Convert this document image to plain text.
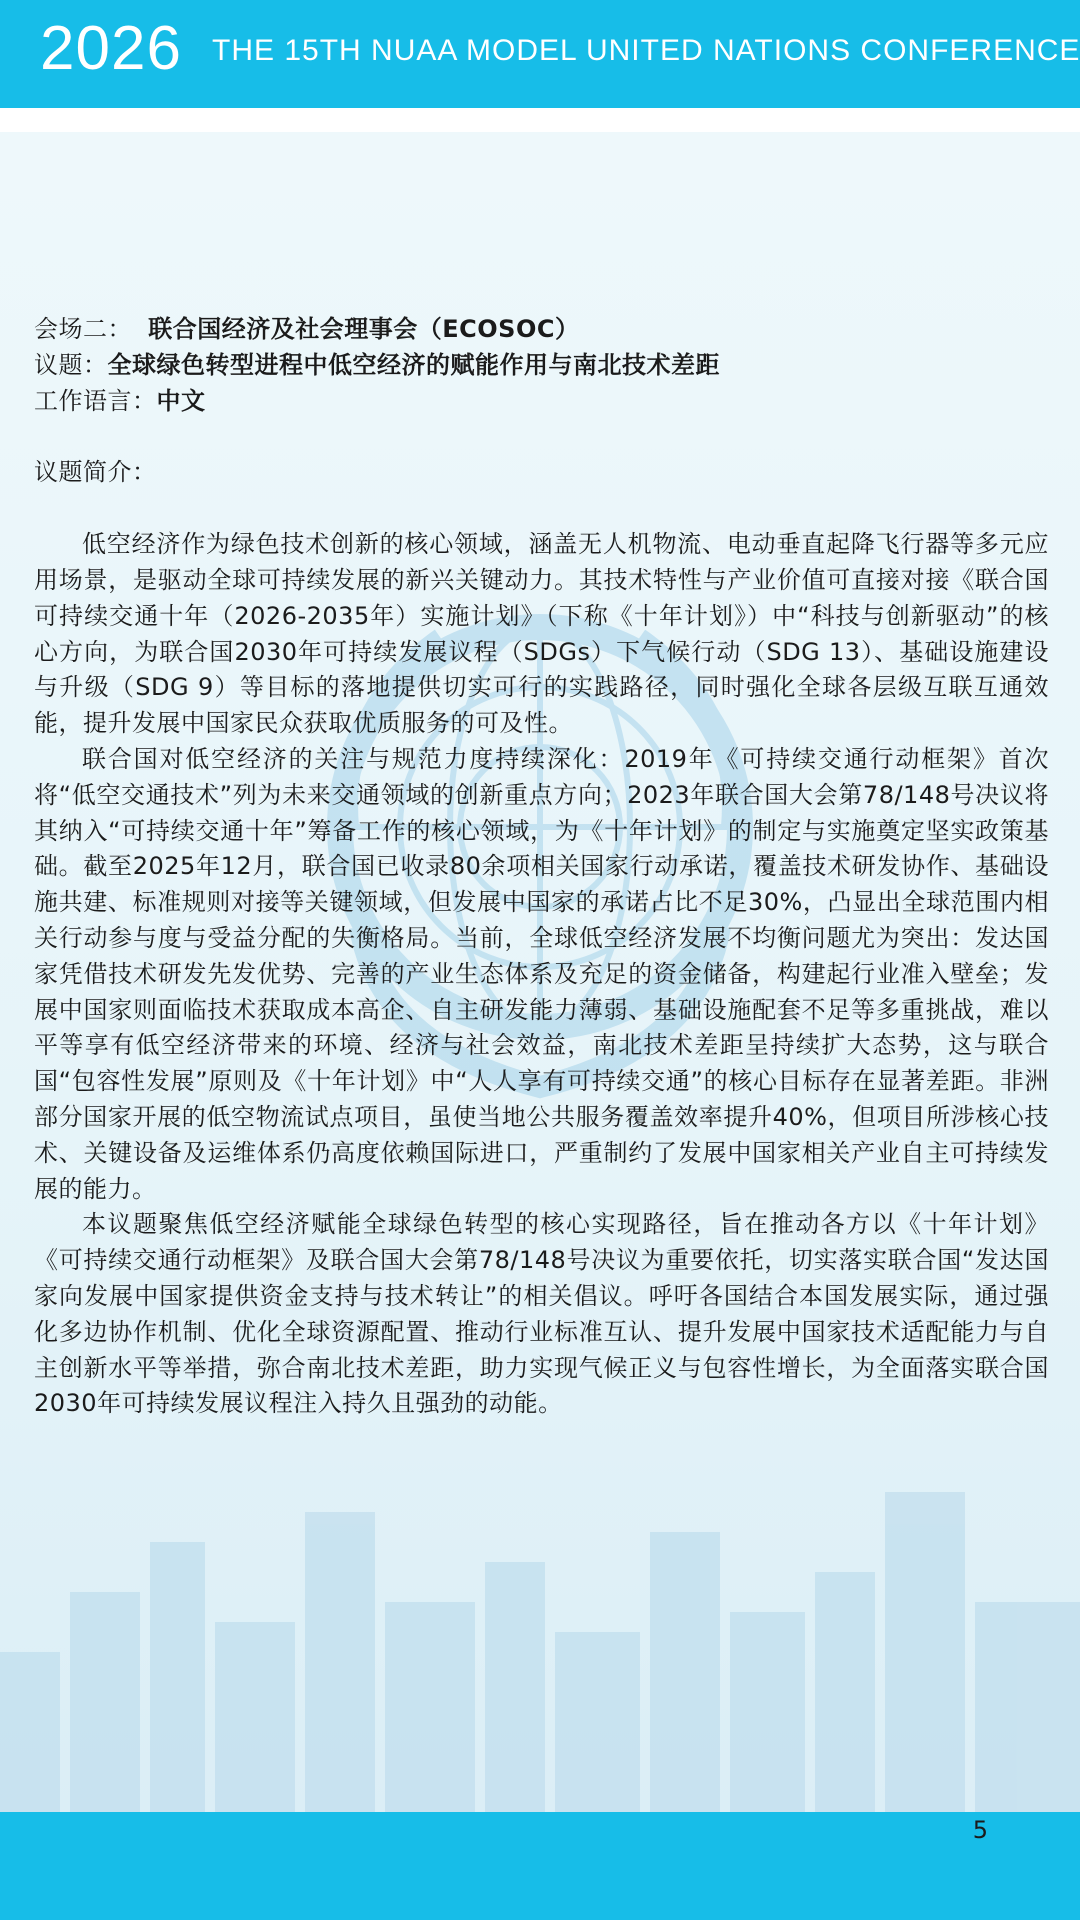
2026 THE 15TH NUAA MODEL UNITED NATIONS CONFERENCE
会场二： 联合国经济及社会理事会（ECOSOC）
议题：全球绿色转型进程中低空经济的赋能作用与南北技术差距
工作语言：中文
议题简介：
低空经济作为绿色技术创新的核心领域，涵盖无人机物流、电动垂直起降飞行器等多元应用场景，是驱动全球可持续发展的新兴关键动力。其技术特性与产业价值可直接对接《联合国可持续交通十年（2026-2035年）实施计划》（下称《十年计划》）中“科技与创新驱动”的核心方向，为联合国2030年可持续发展议程（SDGs）下气候行动（SDG 13）、基础设施建设与升级（SDG 9）等目标的落地提供切实可行的实践路径，同时强化全球各层级互联互通效能，提升发展中国家民众获取优质服务的可及性。
联合国对低空经济的关注与规范力度持续深化：2019年《可持续交通行动框架》首次将“低空交通技术”列为未来交通领域的创新重点方向；2023年联合国大会第78/148号决议将其纳入“可持续交通十年”筹备工作的核心领域，为《十年计划》的制定与实施奠定坚实政策基础。截至2025年12月，联合国已收录80余项相关国家行动承诺，覆盖技术研发协作、基础设施共建、标准规则对接等关键领域，但发展中国家的承诺占比不足30%，凸显出全球范围内相关行动参与度与受益分配的失衡格局。当前，全球低空经济发展不均衡问题尤为突出：发达国家凭借技术研发先发优势、完善的产业生态体系及充足的资金储备，构建起行业准入壁垒；发展中国家则面临技术获取成本高企、自主研发能力薄弱、基础设施配套不足等多重挑战，难以平等享有低空经济带来的环境、经济与社会效益，南北技术差距呈持续扩大态势，这与联合国“包容性发展”原则及《十年计划》中“人人享有可持续交通”的核心目标存在显著差距。非洲部分国家开展的低空物流试点项目，虽使当地公共服务覆盖效率提升40%，但项目所涉核心技术、关键设备及运维体系仍高度依赖国际进口，严重制约了发展中国家相关产业自主可持续发展的能力。
本议题聚焦低空经济赋能全球绿色转型的核心实现路径，旨在推动各方以《十年计划》《可持续交通行动框架》及联合国大会第78/148号决议为重要依托，切实落实联合国“发达国家向发展中国家提供资金支持与技术转让”的相关倡议。呼吁各国结合本国发展实际，通过强化多边协作机制、优化全球资源配置、推动行业标准互认、提升发展中国家技术适配能力与自主创新水平等举措，弥合南北技术差距，助力实现气候正义与包容性增长，为全面落实联合国2030年可持续发展议程注入持久且强劲的动能。
5
